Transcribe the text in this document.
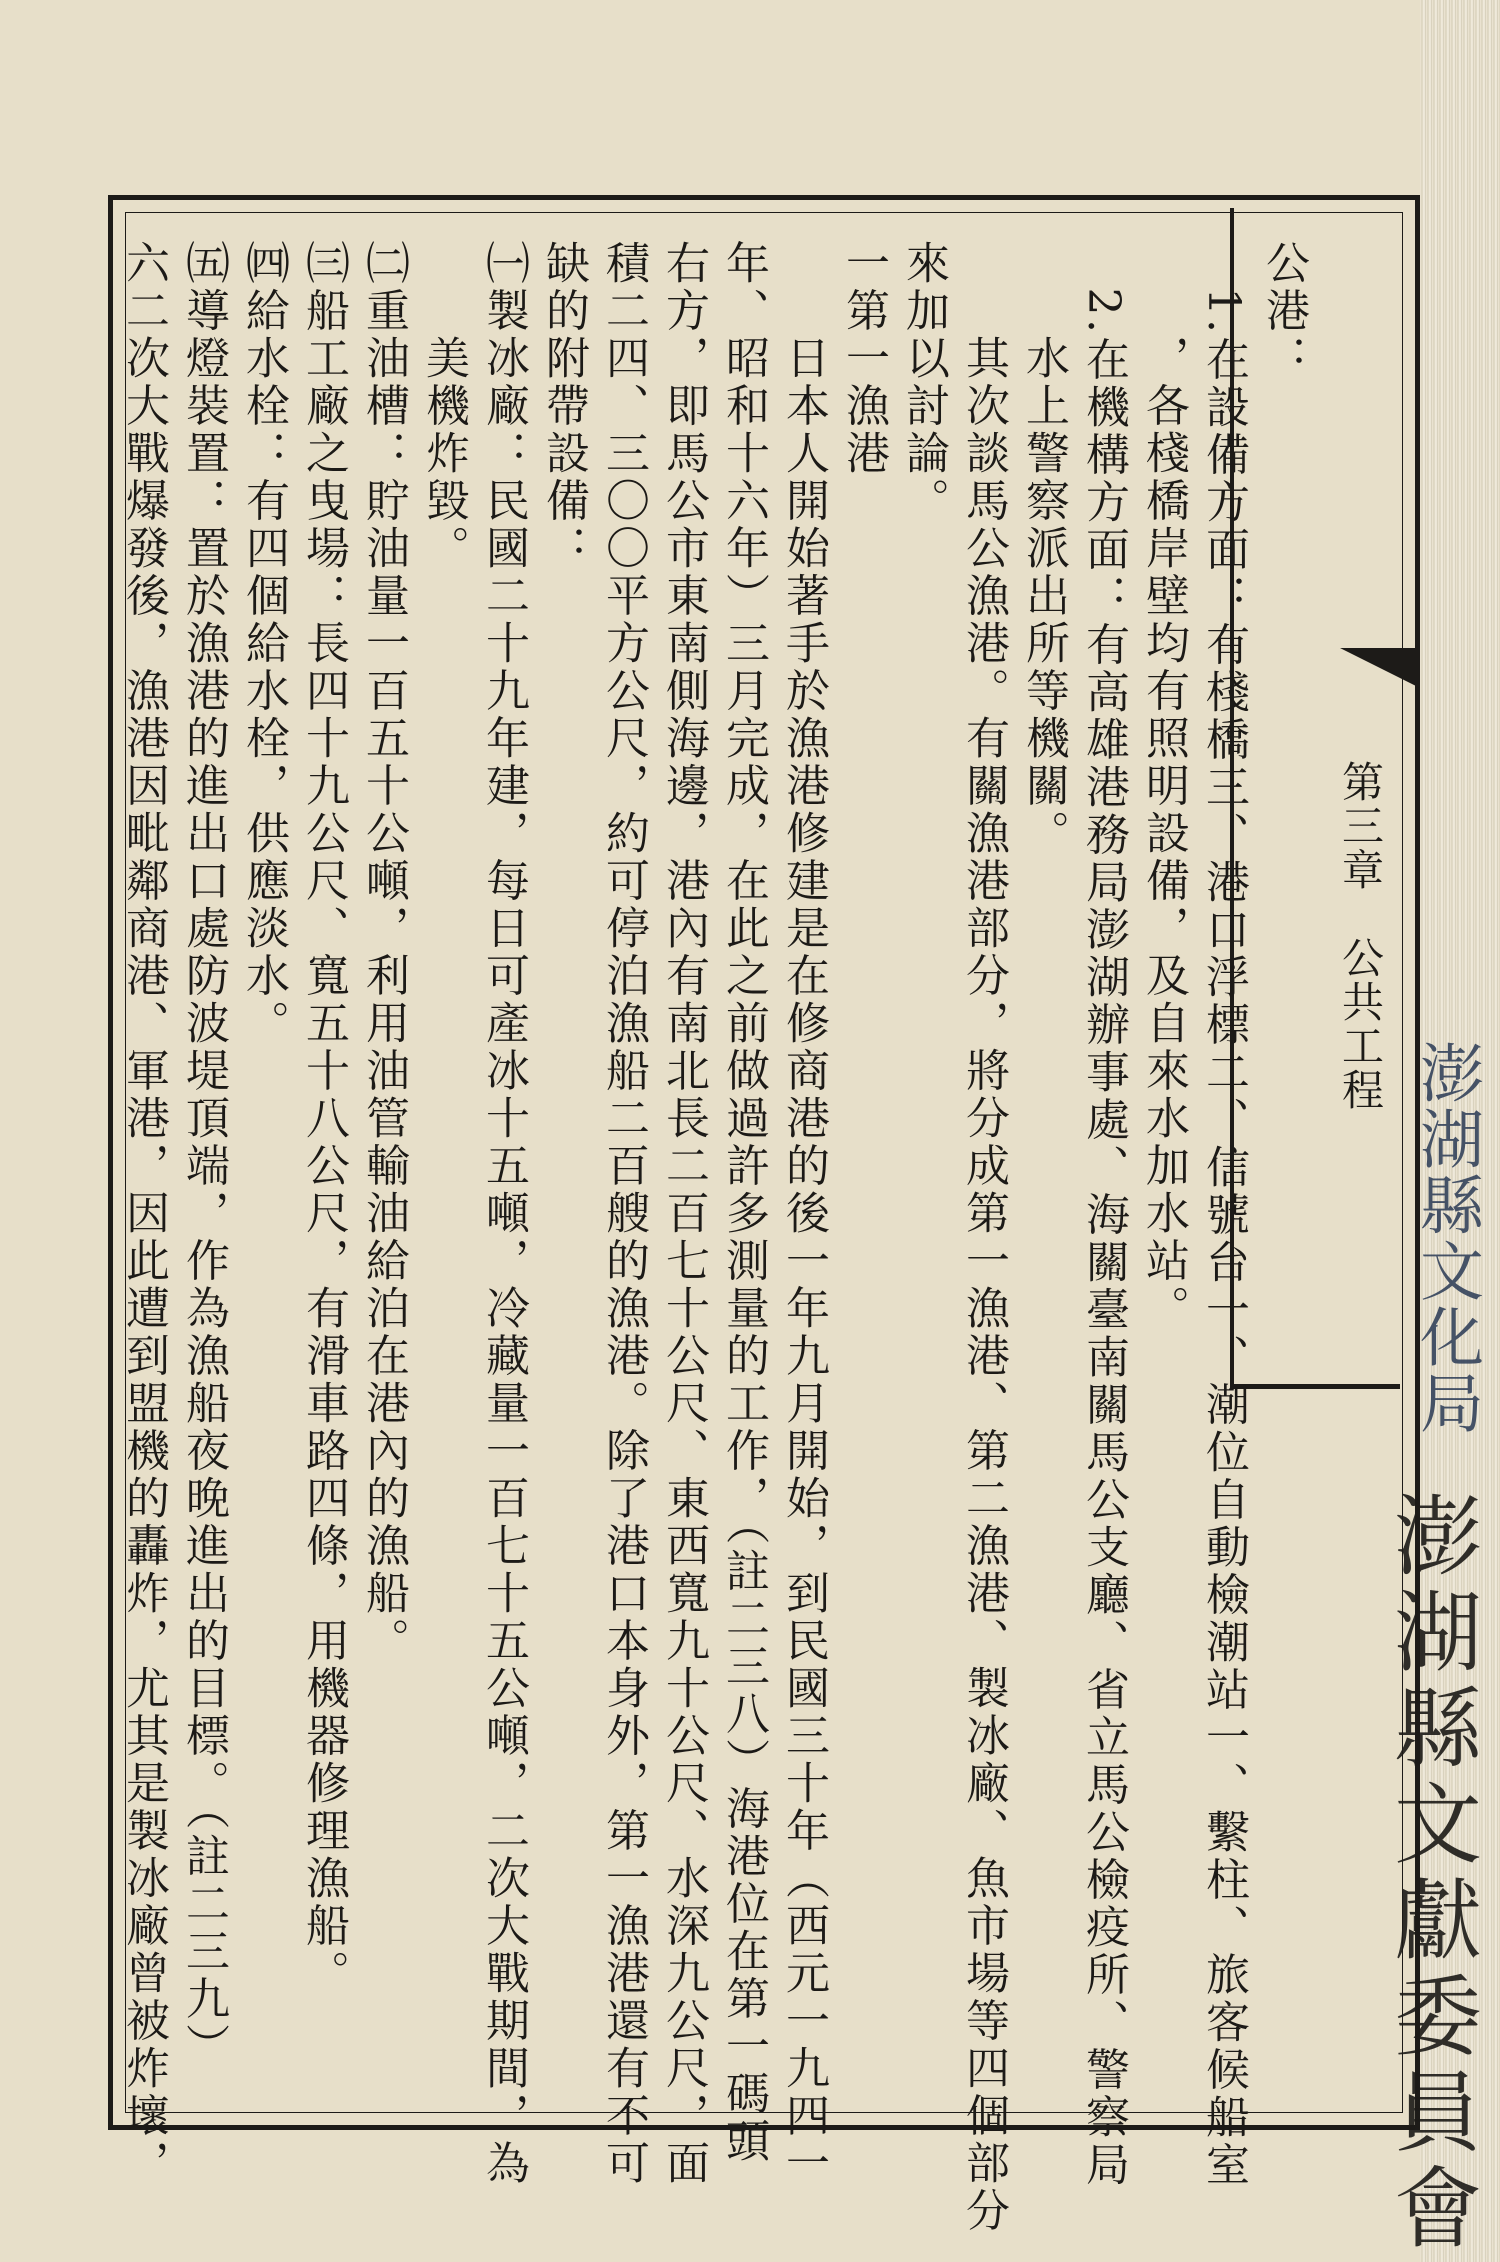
第三章　公共工程
澎湖縣文化局
澎湖縣文獻委員會
公港：
　1.在設備方面：有棧橋三、港口浮標二、信號台一、潮位自動檢潮站一、繫柱、旅客候船室
，各棧橋岸壁均有照明設備，及自來水加水站。
　2.在機構方面：有高雄港務局澎湖辦事處、海關臺南關馬公支廳、省立馬公檢疫所、警察局
水上警察派出所等機關。
其次談馬公漁港。有關漁港部分，將分成第一漁港、第二漁港、製冰廠、魚市場等四個部分
來加以討論。
一第一漁港
日本人開始著手於漁港修建是在修商港的後一年九月開始，到民國三十年（西元一九四一
年、昭和十六年）三月完成，在此之前做過許多測量的工作，（註二三八）海港位在第一碼頭
右方，即馬公市東南側海邊，港內有南北長二百七十公尺、東西寬九十公尺、水深九公尺，面
積二四、三〇〇平方公尺，約可停泊漁船二百艘的漁港。除了港口本身外，第一漁港還有不可
缺的附帶設備：
㈠製冰廠：民國二十九年建，每日可產冰十五噸，冷藏量一百七十五公噸，二次大戰期間，為
美機炸毀。
㈡重油槽：貯油量一百五十公噸，利用油管輸油給泊在港內的漁船。
㈢船工廠之曳場：長四十九公尺、寬五十八公尺，有滑車路四條，用機器修理漁船。
㈣給水栓：有四個給水栓，供應淡水。
㈤導燈裝置：置於漁港的進出口處防波堤頂端，作為漁船夜晚進出的目標。（註二三九）
六二次大戰爆發後，漁港因毗鄰商港、軍港，因此遭到盟機的轟炸，尤其是製冰廠曾被炸壞，
